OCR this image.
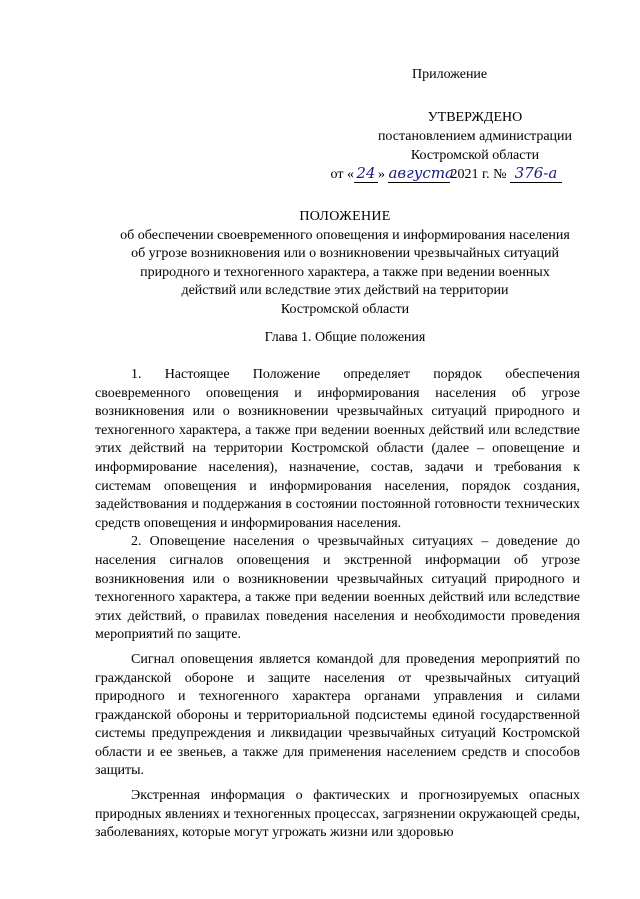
Приложение
УТВЕРЖДЕНО
постановлением администрации
Костромской области
от « 24 » августа2021 г. № 376-а
ПОЛОЖЕНИЕ
об обеспечении своевременного оповещения и информирования населения
об угрозе возникновения или о возникновении чрезвычайных ситуаций
природного и техногенного характера, а также при ведении военных
действий или вследствие этих действий на территории
Костромской области
Глава 1. Общие положения

1. Настоящее Положение определяет порядок обеспечения своевременного оповещения и информирования населения об угрозе возникновения или о возникновении чрезвычайных ситуаций природного и техногенного характера, а также при ведении военных действий или вследствие этих действий на территории Костромской области (далее – оповещение и информирование населения), назначение, состав, задачи и требования к системам оповещения и информирования населения, порядок создания, задействования и поддержания в состоянии постоянной готовности технических средств оповещения и информирования населения.

2. Оповещение населения о чрезвычайных ситуациях – доведение до населения сигналов оповещения и экстренной информации об угрозе возникновения или о возникновении чрезвычайных ситуаций природного и техногенного характера, а также при ведении военных действий или вследствие этих действий, о правилах поведения населения и необходимости проведения мероприятий по защите.

Сигнал оповещения является командой для проведения мероприятий по гражданской обороне и защите населения от чрезвычайных ситуаций природного и техногенного характера органами управления и силами гражданской обороны и территориальной подсистемы единой государственной системы предупреждения и ликвидации чрезвычайных ситуаций Костромской области и ее звеньев, а также для применения населением средств и способов защиты.

Экстренная информация о фактических и прогнозируемых опасных природных явлениях и техногенных процессах, загрязнении окружающей среды, заболеваниях, которые могут угрожать жизни или здоровью
